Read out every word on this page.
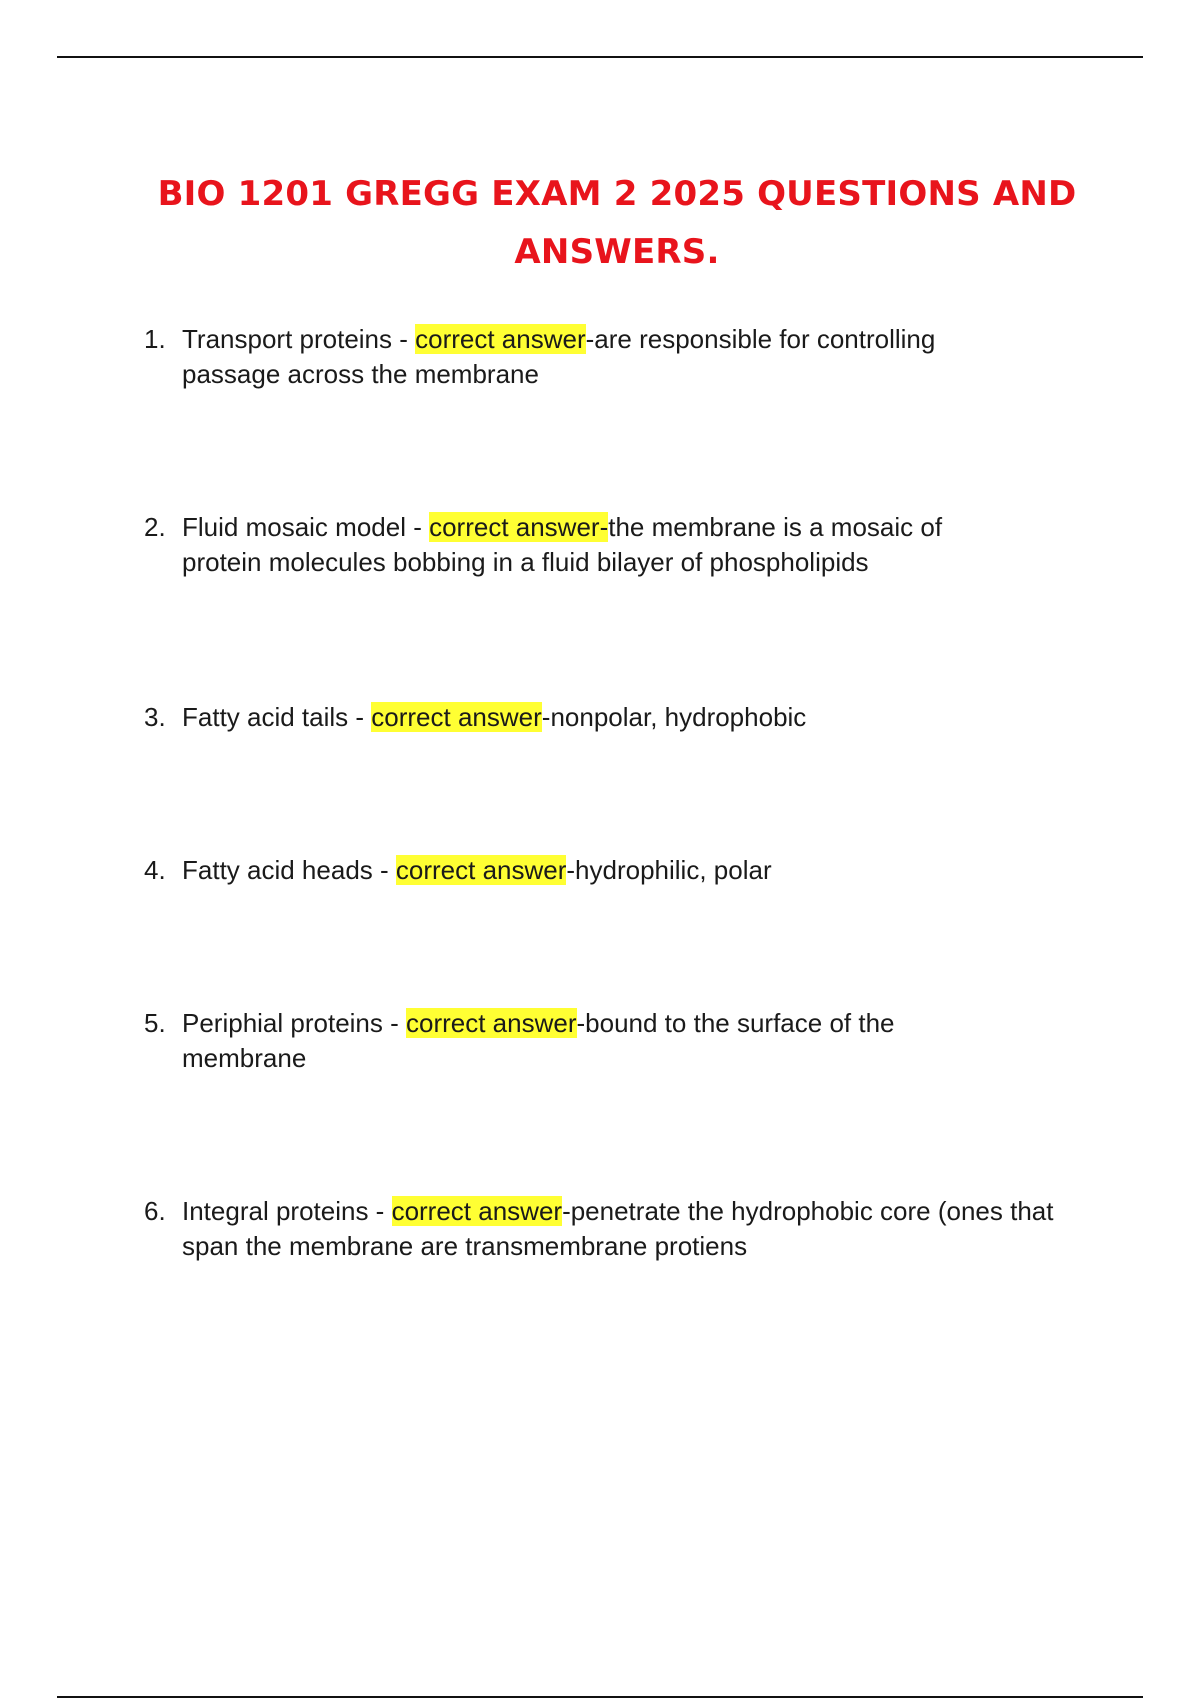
BIO 1201 GREGG EXAM 2 2025 QUESTIONS AND ANSWERS.
1. Transport proteins - correct answer-are responsible for controlling passage across the membrane
2. Fluid mosaic model - correct answer-the membrane is a mosaic of protein molecules bobbing in a fluid bilayer of phospholipids
3. Fatty acid tails - correct answer-nonpolar, hydrophobic
4. Fatty acid heads - correct answer-hydrophilic, polar
5. Periphial proteins - correct answer-bound to the surface of the membrane
6. Integral proteins - correct answer-penetrate the hydrophobic core (ones that span the membrane are transmembrane protiens
